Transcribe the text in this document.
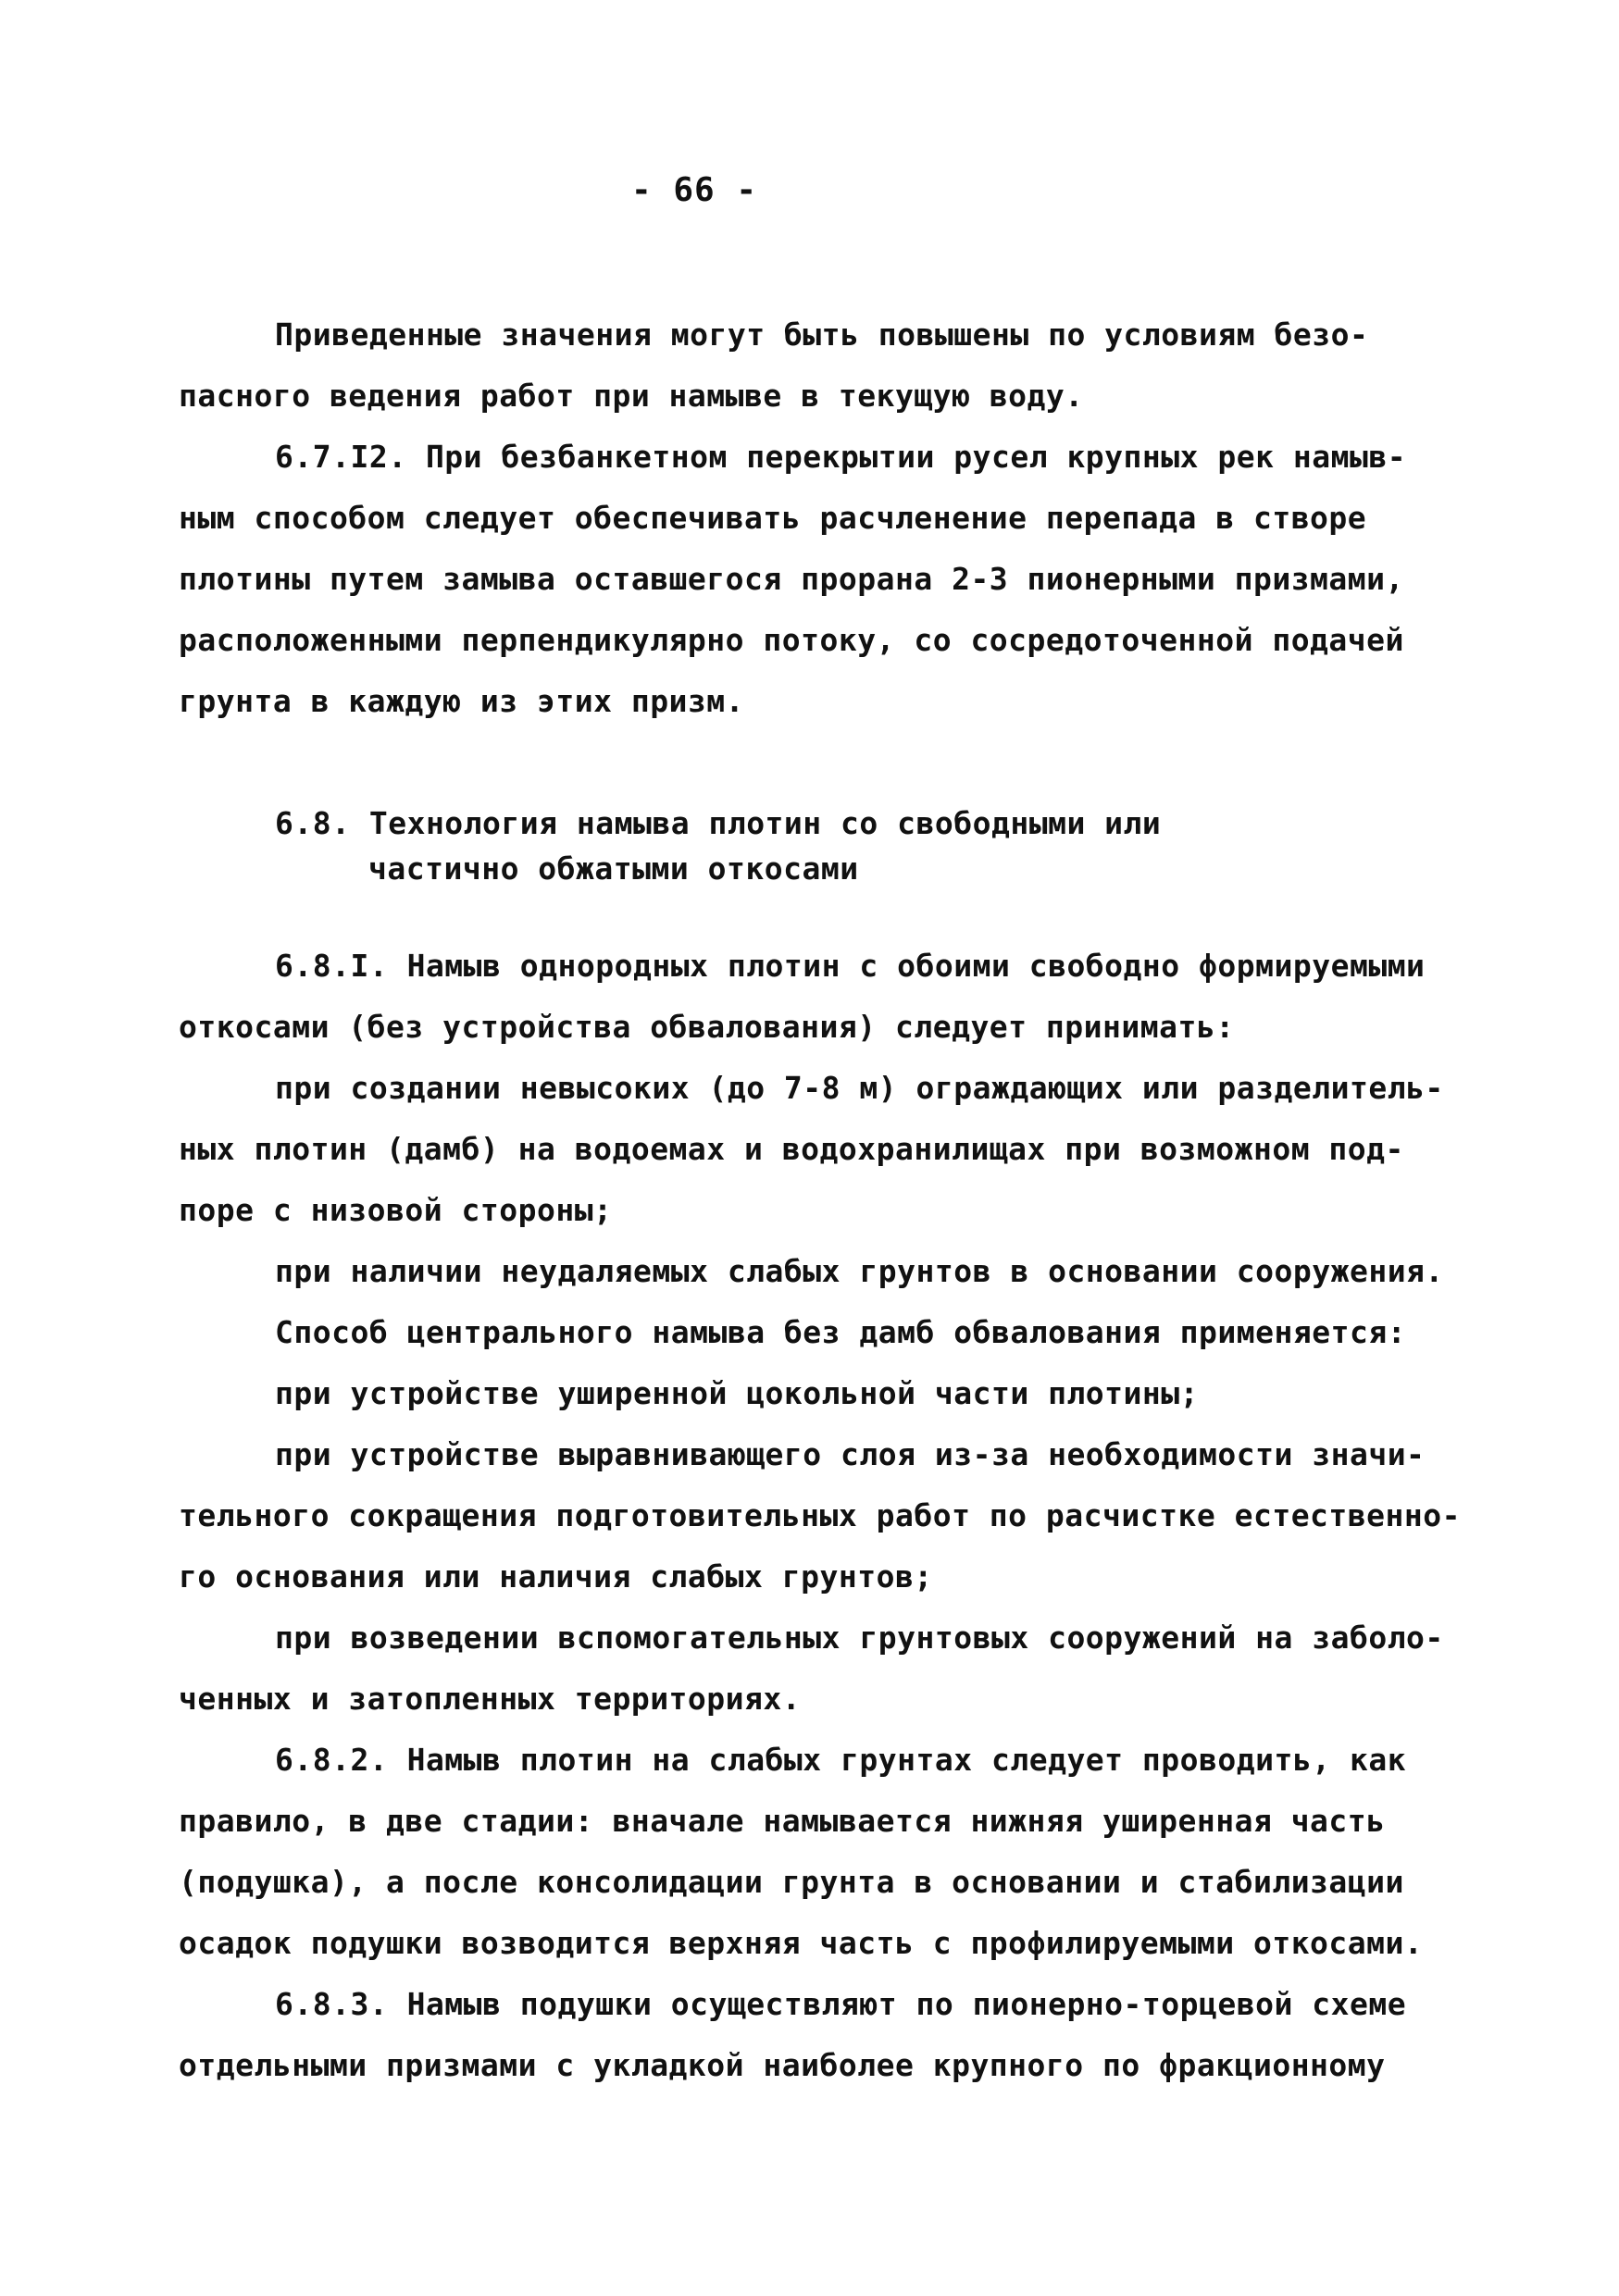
- 66 -
Приведенные значения могут быть повышены по условиям безо-
пасного ведения работ при намыве в текущую воду.
6.7.I2. При безбанкетном перекрытии русел крупных рек намыв-
ным способом следует обеспечивать расчленение перепада в створе
плотины путем замыва оставшегося прорана 2-3 пионерными призмами,
расположенными перпендикулярно потоку, со сосредоточенной подачей
грунта в каждую из этих призм.
6.8. Технология намыва плотин со свободными или
частично обжатыми откосами
6.8.I. Намыв однородных плотин с обоими свободно формируемыми
откосами (без устройства обвалования) следует принимать:
при создании невысоких (до 7-8 м) ограждающих или разделитель-
ных плотин (дамб) на водоемах и водохранилищах при возможном под-
поре с низовой стороны;
при наличии неудаляемых слабых грунтов в основании сооружения.
Способ центрального намыва без дамб обвалования применяется:
при устройстве уширенной цокольной части плотины;
при устройстве выравнивающего слоя из-за необходимости значи-
тельного сокращения подготовительных работ по расчистке естественно-
го основания или наличия слабых грунтов;
при возведении вспомогательных грунтовых сооружений на заболо-
ченных и затопленных территориях.
6.8.2. Намыв плотин на слабых грунтах следует проводить, как
правило, в две стадии: вначале намывается нижняя уширенная часть
(подушка), а после консолидации грунта в основании и стабилизации
осадок подушки возводится верхняя часть с профилируемыми откосами.
6.8.3. Намыв подушки осуществляют по пионерно-торцевой схеме
отдельными призмами с укладкой наиболее крупного по фракционному
